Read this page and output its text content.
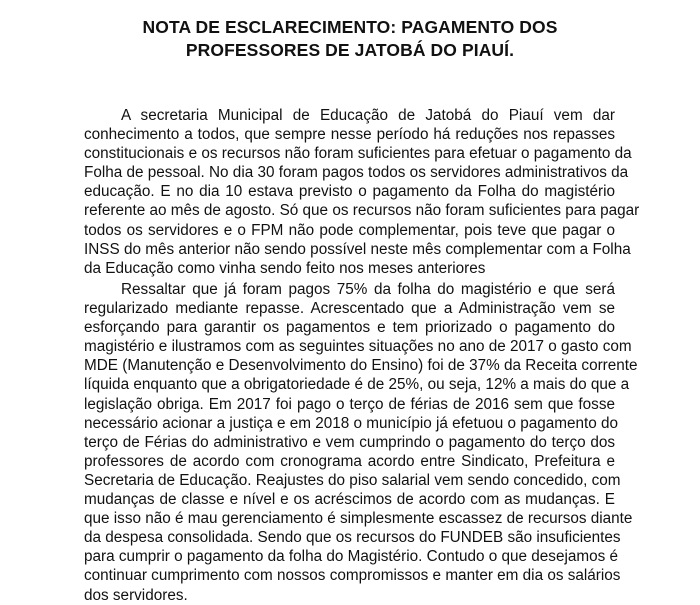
NOTA DE ESCLARECIMENTO: PAGAMENTO DOS
PROFESSORES DE JATOBÁ DO PIAUÍ.

A secretaria Municipal de Educação de Jatobá do Piauí vem dar
conhecimento a todos, que sempre nesse período há reduções nos repasses
constitucionais e os recursos não foram suficientes para efetuar o pagamento da
Folha de pessoal. No dia 30 foram pagos todos os servidores administrativos da
educação. E no dia 10 estava previsto o pagamento da Folha do magistério
referente ao mês de agosto. Só que os recursos não foram suficientes para pagar
todos os servidores e o FPM não pode complementar, pois teve que pagar o
INSS do mês anterior não sendo possível neste mês complementar com a Folha
da Educação como vinha sendo feito nos meses anteriores

Ressaltar que já foram pagos 75% da folha do magistério e que será
regularizado mediante repasse. Acrescentado que a Administração vem se
esforçando para garantir os pagamentos e tem priorizado o pagamento do
magistério e ilustramos com as seguintes situações no ano de 2017 o gasto com
MDE (Manutenção e Desenvolvimento do Ensino) foi de 37% da Receita corrente
líquida enquanto que a obrigatoriedade é de 25%, ou seja, 12% a mais do que a
legislação obriga. Em 2017 foi pago o terço de férias de 2016 sem que fosse
necessário acionar a justiça e em 2018 o município já efetuou o pagamento do
terço de Férias do administrativo e vem cumprindo o pagamento do terço dos
professores de acordo com cronograma acordo entre Sindicato, Prefeitura e
Secretaria de Educação. Reajustes do piso salarial vem sendo concedido, com
mudanças de classe e nível e os acréscimos de acordo com as mudanças. E
que isso não é mau gerenciamento é simplesmente escassez de recursos diante
da despesa consolidada. Sendo que os recursos do FUNDEB são insuficientes
para cumprir o pagamento da folha do Magistério. Contudo o que desejamos é
continuar cumprimento com nossos compromissos e manter em dia os salários
dos servidores.
